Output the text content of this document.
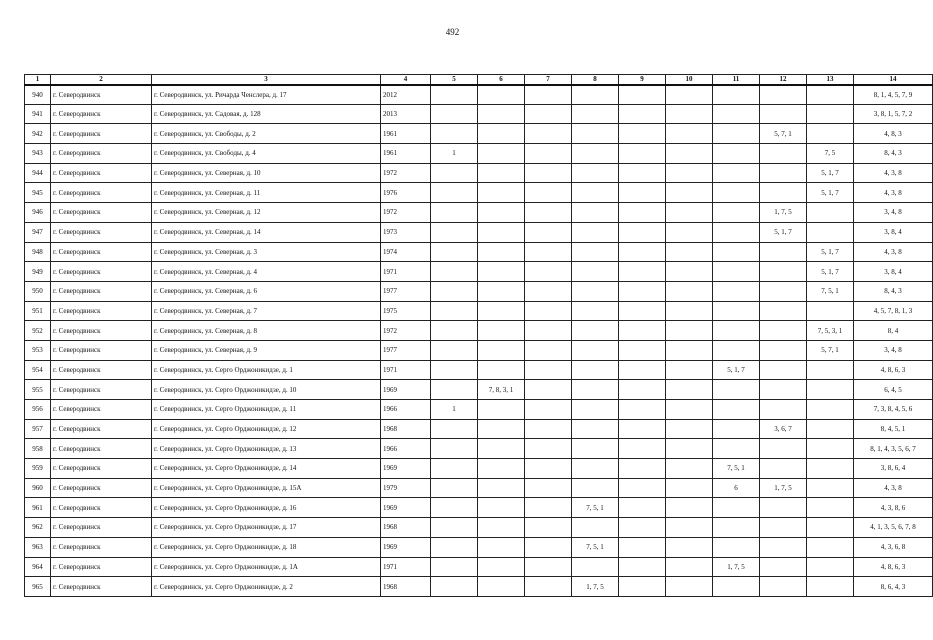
492
1	2	3	4	5	6	7	8	9	10	11	12	13	14
940	г. Северодвинск	г. Северодвинск, ул. Ричарда Ченслера, д. 17	2012										8, 1, 4, 5, 7, 9
941	г. Северодвинск	г. Северодвинск, ул. Садовая, д. 128	2013										3, 8, 1, 5, 7, 2
942	г. Северодвинск	г. Северодвинск, ул. Свободы, д. 2	1961								5, 7, 1		4, 8, 3
943	г. Северодвинск	г. Северодвинск, ул. Свободы, д. 4	1961	1								7, 5	8, 4, 3
944	г. Северодвинск	г. Северодвинск, ул. Северная, д. 10	1972									5, 1, 7	4, 3, 8
945	г. Северодвинск	г. Северодвинск, ул. Северная, д. 11	1976									5, 1, 7	4, 3, 8
946	г. Северодвинск	г. Северодвинск, ул. Северная, д. 12	1972								1, 7, 5		3, 4, 8
947	г. Северодвинск	г. Северодвинск, ул. Северная, д. 14	1973								5, 1, 7		3, 8, 4
948	г. Северодвинск	г. Северодвинск, ул. Северная, д. 3	1974									5, 1, 7	4, 3, 8
949	г. Северодвинск	г. Северодвинск, ул. Северная, д. 4	1971									5, 1, 7	3, 8, 4
950	г. Северодвинск	г. Северодвинск, ул. Северная, д. 6	1977									7, 5, 1	8, 4, 3
951	г. Северодвинск	г. Северодвинск, ул. Северная, д. 7	1975										4, 5, 7, 8, 1, 3
952	г. Северодвинск	г. Северодвинск, ул. Северная, д. 8	1972									7, 5, 3, 1	8, 4
953	г. Северодвинск	г. Северодвинск, ул. Северная, д. 9	1977									5, 7, 1	3, 4, 8
954	г. Северодвинск	г. Северодвинск, ул. Серго Орджоникидзе, д. 1	1971							5, 1, 7			4, 8, 6, 3
955	г. Северодвинск	г. Северодвинск, ул. Серго Орджоникидзе, д. 10	1969		7, 8, 3, 1								6, 4, 5
956	г. Северодвинск	г. Северодвинск, ул. Серго Орджоникидзе, д. 11	1966	1									7, 3, 8, 4, 5, 6
957	г. Северодвинск	г. Северодвинск, ул. Серго Орджоникидзе, д. 12	1968								3, 6, 7		8, 4, 5, 1
958	г. Северодвинск	г. Северодвинск, ул. Серго Орджоникидзе, д. 13	1966										8, 1, 4, 3, 5, 6, 7
959	г. Северодвинск	г. Северодвинск, ул. Серго Орджоникидзе, д. 14	1969							7, 5, 1			3, 8, 6, 4
960	г. Северодвинск	г. Северодвинск, ул. Серго Орджоникидзе, д. 15А	1979							6	1, 7, 5		4, 3, 8
961	г. Северодвинск	г. Северодвинск, ул. Серго Орджоникидзе, д. 16	1969				7, 5, 1						4, 3, 8, 6
962	г. Северодвинск	г. Северодвинск, ул. Серго Орджоникидзе, д. 17	1968										4, 1, 3, 5, 6, 7, 8
963	г. Северодвинск	г. Северодвинск, ул. Серго Орджоникидзе, д. 18	1969				7, 5, 1						4, 3, 6, 8
964	г. Северодвинск	г. Северодвинск, ул. Серго Орджоникидзе, д. 1А	1971							1, 7, 5			4, 8, 6, 3
965	г. Северодвинск	г. Северодвинск, ул. Серго Орджоникидзе, д. 2	1968				1, 7, 5						8, 6, 4, 3
